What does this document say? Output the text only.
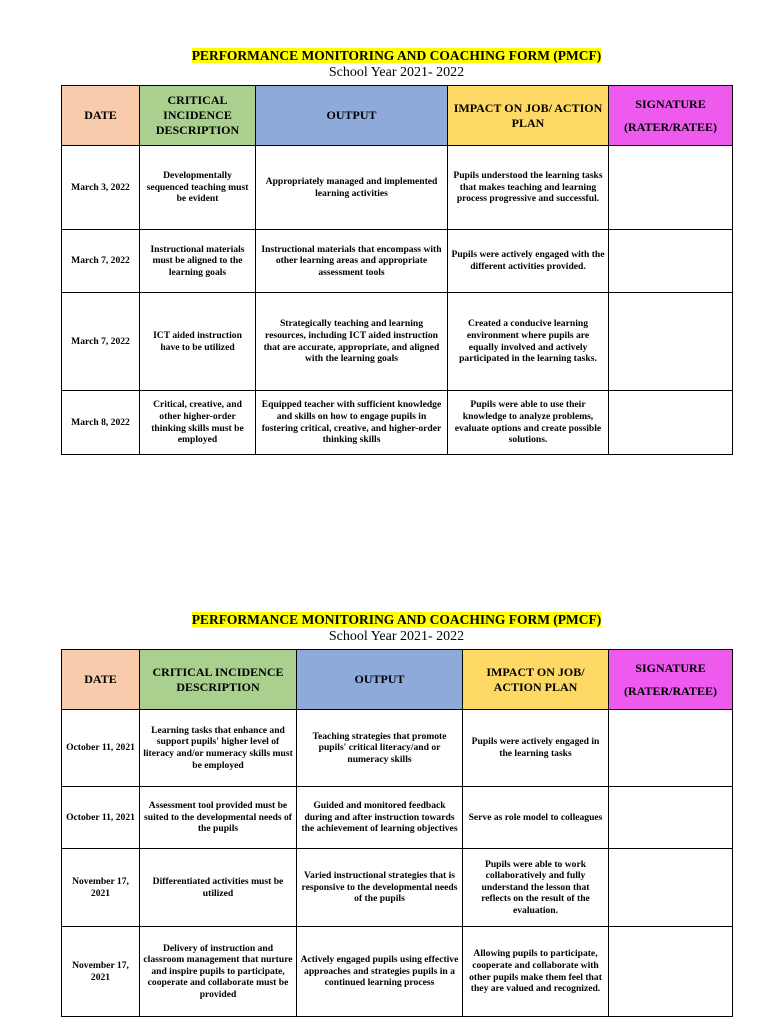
PERFORMANCE MONITORING AND COACHING FORM (PMCF)
School Year 2021- 2022
DATE	CRITICAL INCIDENCE DESCRIPTION	OUTPUT	IMPACT ON JOB/ ACTION PLAN	SIGNATURE
(RATER/RATEE)

March 3, 2022	Developmentally sequenced teaching must be evident	Appropriately managed and implemented learning activities	Pupils understood the learning tasks that makes teaching and learning process progressive and successful.	
March 7, 2022	Instructional materials must be aligned to the learning goals	Instructional materials that encompass with other learning areas and appropriate assessment tools	Pupils were actively engaged with the different activities provided.	
March 7, 2022	ICT aided instruction have to be utilized	Strategically teaching and learning resources, including ICT aided instruction that are accurate, appropriate, and aligned with the learning goals	Created a conducive learning environment where pupils are equally involved and actively participated in the learning tasks.	
March 8, 2022	Critical, creative, and other higher-order thinking skills must be employed	Equipped teacher with sufficient knowledge and skills on how to engage pupils in fostering critical, creative, and higher-order thinking skills	Pupils were able to use their knowledge to analyze problems, evaluate options and create possible solutions.	
PERFORMANCE MONITORING AND COACHING FORM (PMCF)
School Year 2021- 2022
DATE	CRITICAL INCIDENCE DESCRIPTION	OUTPUT	IMPACT ON JOB/ ACTION PLAN	SIGNATURE
(RATER/RATEE)

October 11, 2021	Learning tasks that enhance and support pupils' higher level of literacy and/or numeracy skills must be employed	Teaching strategies that promote pupils' critical literacy/and or numeracy skills	Pupils were actively engaged in the learning tasks	
October 11, 2021	Assessment tool provided must be suited to the developmental needs of the pupils	Guided and monitored feedback during and after instruction towards the achievement of learning objectives	Serve as role model to colleagues	
November 17, 2021	Differentiated activities must be utilized	Varied instructional strategies that is responsive to the developmental needs of the pupils	Pupils were able to work collaboratively and fully understand the lesson that reflects on the result of the evaluation.	
November 17, 2021	Delivery of instruction and classroom management that nurture and inspire pupils to participate, cooperate and collaborate must be provided	Actively engaged pupils using effective approaches and strategies pupils in a continued learning process	Allowing pupils to participate, cooperate and collaborate with other pupils make them feel that they are valued and recognized.	
